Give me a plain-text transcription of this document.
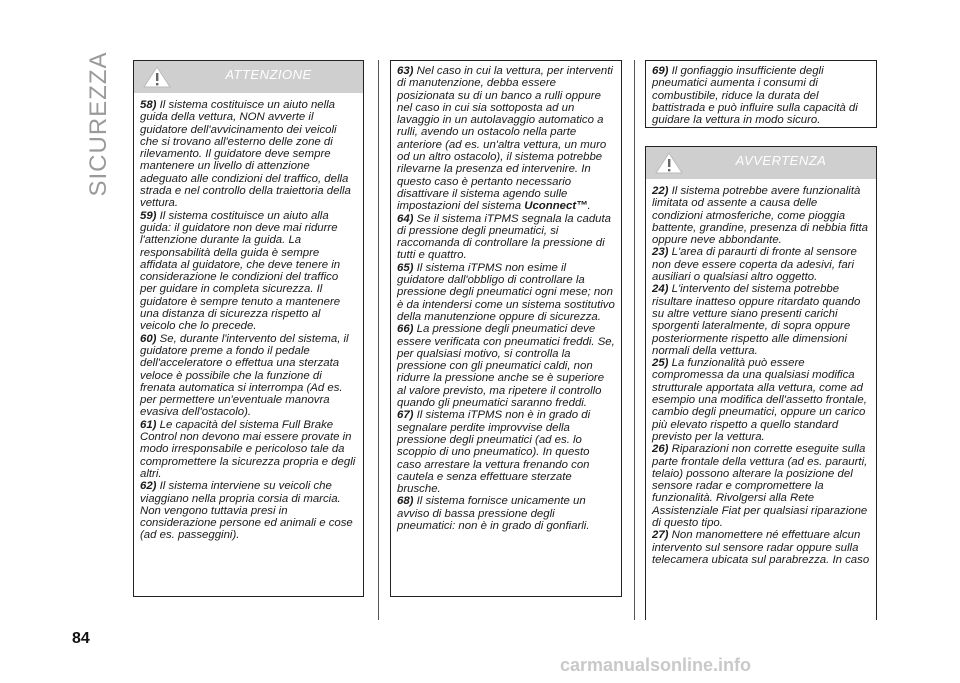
SICUREZZA	ATTENZIONE

58) Il sistema costituisce un aiuto nella guida della vettura, NON avverte il guidatore dell'avvicinamento dei veicoli che si trovano all'esterno delle zone di rilevamento. Il guidatore deve sempre mantenere un livello di attenzione adeguato alle condizioni del traffico, della strada e nel controllo della traiettoria della vettura.

59) Il sistema costituisce un aiuto alla guida: il guidatore non deve mai ridurre l'attenzione durante la guida. La responsabilità della guida è sempre affidata al guidatore, che deve tenere in considerazione le condizioni del traffico per guidare in completa sicurezza. Il guidatore è sempre tenuto a mantenere una distanza di sicurezza rispetto al veicolo che lo precede.

60) Se, durante l'intervento del sistema, il guidatore preme a fondo il pedale dell'acceleratore o effettua una sterzata veloce è possibile che la funzione di frenata automatica si interrompa (Ad es. per permettere un'eventuale manovra evasiva dell'ostacolo).

61) Le capacità del sistema Full Brake Control non devono mai essere provate in modo irresponsabile e pericoloso tale da compromettere la sicurezza propria e degli altri.

62) Il sistema interviene su veicoli che viaggiano nella propria corsia di marcia. Non vengono tuttavia presi in considerazione persone ed animali e cose (ad es. passeggini).

63) Nel caso in cui la vettura, per interventi di manutenzione, debba essere posizionata su di un banco a rulli oppure nel caso in cui sia sottoposta ad un lavaggio in un autolavaggio automatico a rulli, avendo un ostacolo nella parte anteriore (ad es. un'altra vettura, un muro od un altro ostacolo), il sistema potrebbe rilevarne la presenza ed intervenire. In questo caso è pertanto necessario disattivare il sistema agendo sulle impostazioni del sistema Uconnect™.

64) Se il sistema iTPMS segnala la caduta di pressione degli pneumatici, si raccomanda di controllare la pressione di tutti e quattro.

65) Il sistema iTPMS non esime il guidatore dall'obbligo di controllare la pressione degli pneumatici ogni mese; non è da intendersi come un sistema sostitutivo della manutenzione oppure di sicurezza.

66) La pressione degli pneumatici deve essere verificata con pneumatici freddi. Se, per qualsiasi motivo, si controlla la pressione con gli pneumatici caldi, non ridurre la pressione anche se è superiore al valore previsto, ma ripetere il controllo quando gli pneumatici saranno freddi.

67) Il sistema iTPMS non è in grado di segnalare perdite improvvise della pressione degli pneumatici (ad es. lo scoppio di uno pneumatico). In questo caso arrestare la vettura frenando con cautela e senza effettuare sterzate brusche.

68) Il sistema fornisce unicamente un avviso di bassa pressione degli pneumatici: non è in grado di gonfiarli.

69) Il gonfiaggio insufficiente degli pneumatici aumenta i consumi di combustibile, riduce la durata del battistrada e può influire sulla capacità di guidare la vettura in modo sicuro.

AVVERTENZA

22) Il sistema potrebbe avere funzionalità limitata od assente a causa delle condizioni atmosferiche, come pioggia battente, grandine, presenza di nebbia fitta oppure neve abbondante.

23) L'area di paraurti di fronte al sensore non deve essere coperta da adesivi, fari ausiliari o qualsiasi altro oggetto.

24) L'intervento del sistema potrebbe risultare inatteso oppure ritardato quando su altre vetture siano presenti carichi sporgenti lateralmente, di sopra oppure posteriormente rispetto alle dimensioni normali della vettura.

25) La funzionalità può essere compromessa da una qualsiasi modifica strutturale apportata alla vettura, come ad esempio una modifica dell'assetto frontale, cambio degli pneumatici, oppure un carico più elevato rispetto a quello standard previsto per la vettura.

26) Riparazioni non corrette eseguite sulla parte frontale della vettura (ad es. paraurti, telaio) possono alterare la posizione del sensore radar e compromettere la funzionalità. Rivolgersi alla Rete Assistenziale Fiat per qualsiasi riparazione di questo tipo.

27) Non manomettere né effettuare alcun intervento sul sensore radar oppure sulla telecamera ubicata sul parabrezza. In caso

84
carmanualsonline.info
